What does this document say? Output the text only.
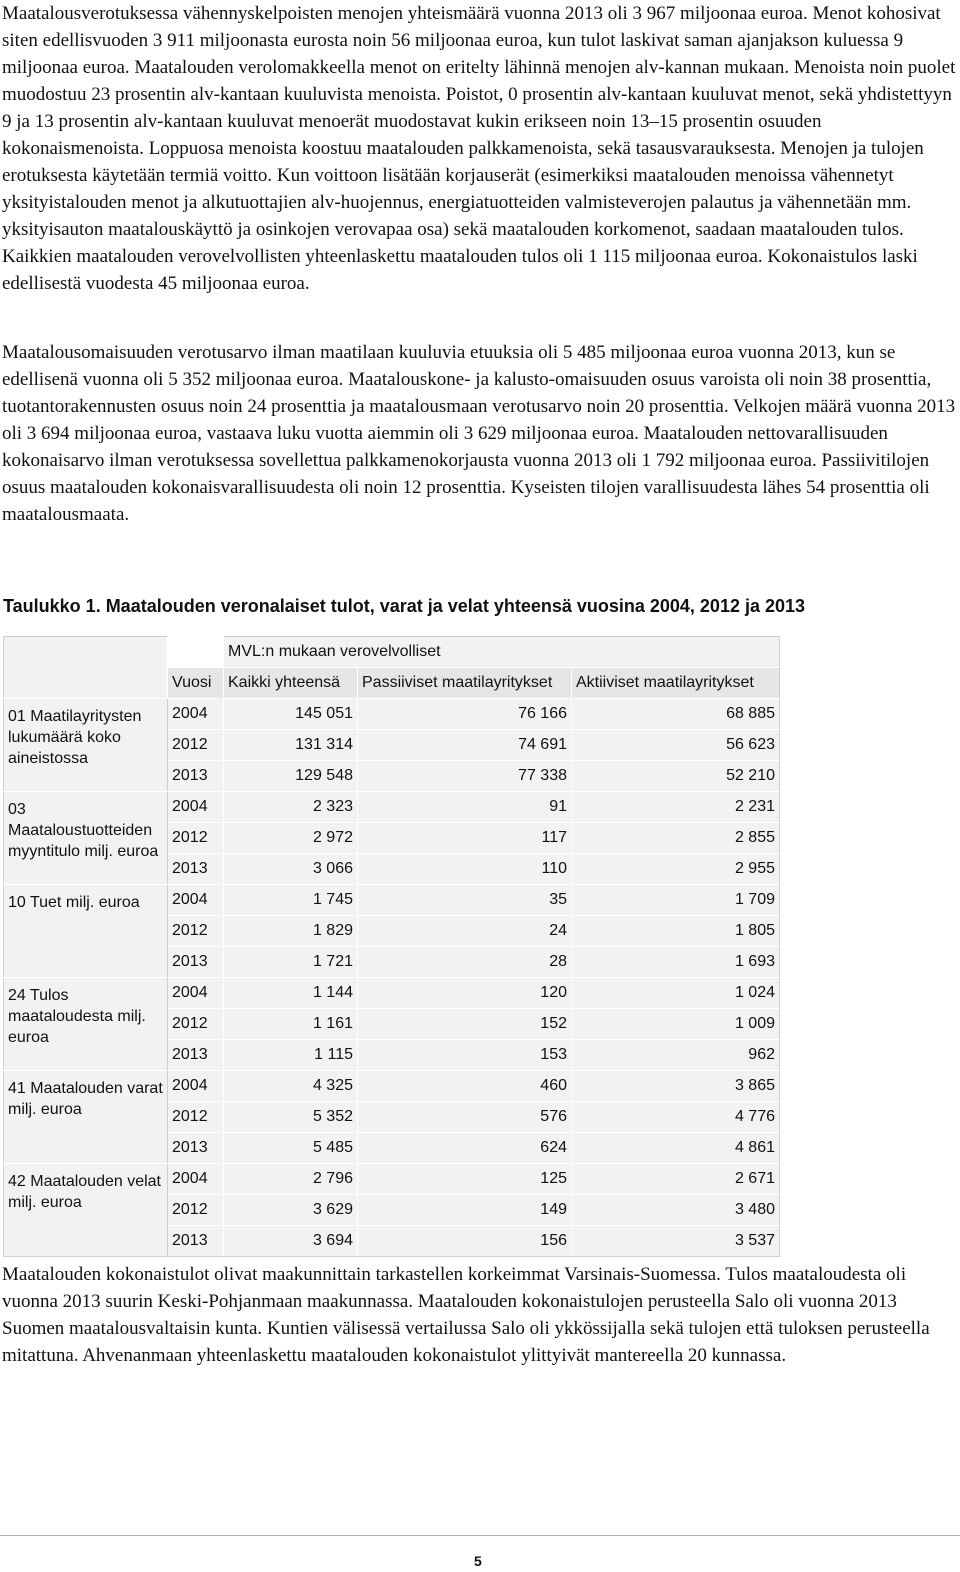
Maatalousverotuksessa vähennyskelpoisten menojen yhteismäärä vuonna 2013 oli 3 967 miljoonaa euroa. Menot kohosivat siten edellisvuoden 3 911 miljoonasta eurosta noin 56 miljoonaa euroa, kun tulot laskivat saman ajanjakson kuluessa 9 miljoonaa euroa. Maatalouden verolomakkeella menot on eritelty lähinnä menojen alv-kannan mukaan. Menoista noin puolet muodostuu 23 prosentin alv-kantaan kuuluvista menoista. Poistot, 0 prosentin alv-kantaan kuuluvat menot, sekä yhdistettyyn 9 ja 13 prosentin alv-kantaan kuuluvat menoerät muodostavat kukin erikseen noin 13–15 prosentin osuuden kokonaismenoista. Loppuosa menoista koostuu maatalouden palkkamenoista, sekä tasausvarauksesta. Menojen ja tulojen erotuksesta käytetään termiä voitto. Kun voittoon lisätään korjauserät (esimerkiksi maatalouden menoissa vähennetyt yksityistalouden menot ja alkutuottajien alv-huojennus, energiatuotteiden valmisteverojen palautus ja vähennetään mm. yksityisauton maatalouskäyttö ja osinkojen verovapaa osa) sekä maatalouden korkomenot, saadaan maatalouden tulos. Kaikkien maatalouden verovelvollisten yhteenlaskettu maatalouden tulos oli 1 115 miljoonaa euroa. Kokonaistulos laski edellisestä vuodesta 45 miljoonaa euroa.

Maatalousomaisuuden verotusarvo ilman maatilaan kuuluvia etuuksia oli 5 485 miljoonaa euroa vuonna 2013, kun se edellisenä vuonna oli 5 352 miljoonaa euroa. Maatalouskone- ja kalusto-omaisuuden osuus varoista oli noin 38 prosenttia, tuotantorakennusten osuus noin 24 prosenttia ja maatalousmaan verotusarvo noin 20 prosenttia. Velkojen määrä vuonna 2013 oli 3 694 miljoonaa euroa, vastaava luku vuotta aiemmin oli 3 629 miljoonaa euroa. Maatalouden nettovarallisuuden kokonaisarvo ilman verotuksessa sovellettua palkkamenokorjausta vuonna 2013 oli 1 792 miljoonaa euroa. Passiivitilojen osuus maatalouden kokonaisvarallisuudesta oli noin 12 prosenttia. Kyseisten tilojen varallisuudesta lähes 54 prosenttia oli maatalousmaata.

Taulukko 1. Maatalouden veronalaiset tulot, varat ja velat yhteensä vuosina 2004, 2012 ja 2013

		MVL:n mukaan verovelvolliset		
	Vuosi	Kaikki yhteensä	Passiiviset maatilayritykset	Aktiiviset maatilayritykset
01 Maatilayritysten lukumäärä koko aineistossa	2004	145 051	76 166	68 885
	2012	131 314	74 691	56 623
	2013	129 548	77 338	52 210
03 Maataloustuotteiden myyntitulo milj. euroa	2004	2 323	91	2 231
	2012	2 972	117	2 855
	2013	3 066	110	2 955
10 Tuet milj. euroa	2004	1 745	35	1 709
	2012	1 829	24	1 805
	2013	1 721	28	1 693
24 Tulos maataloudesta milj. euroa	2004	1 144	120	1 024
	2012	1 161	152	1 009
	2013	1 115	153	962
41 Maatalouden varat milj. euroa	2004	4 325	460	3 865
	2012	5 352	576	4 776
	2013	5 485	624	4 861
42 Maatalouden velat milj. euroa	2004	2 796	125	2 671
	2012	3 629	149	3 480
	2013	3 694	156	3 537

Maatalouden kokonaistulot olivat maakunnittain tarkastellen korkeimmat Varsinais-Suomessa. Tulos maataloudesta oli vuonna 2013 suurin Keski-Pohjanmaan maakunnassa. Maatalouden kokonaistulojen perusteella Salo oli vuonna 2013 Suomen maatalousvaltaisin kunta. Kuntien välisessä vertailussa Salo oli ykkössijalla sekä tulojen että tuloksen perusteella mitattuna. Ahvenanmaan yhteenlaskettu maatalouden kokonaistulot ylittyivät mantereella 20 kunnassa.

5
